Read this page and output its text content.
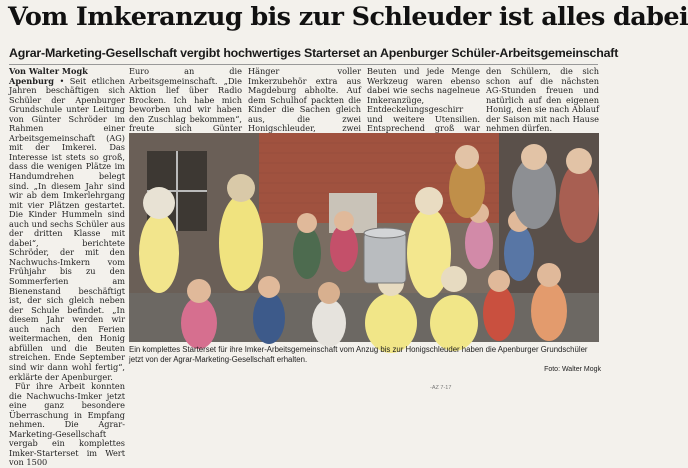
Vom Imkeranzug bis zur Schleuder ist alles dabei
Agrar-Marketing-Gesellschaft vergibt hochwertiges Starterset an Apenburger Schüler-Arbeitsgemeinschaft
Von Walter Mogk

Apenburg • Seit etlichen Jahren beschäftigen sich Schüler der Apenburger Grundschule unter Leitung von Günter Schröder im Rahmen einer Arbeitsgemeinschaft (AG) mit der Imkerei. Das Interesse ist stets so groß, dass die wenigen Plätze im Handumdrehen belegt sind. „In diesem Jahr sind wir ab dem Imkerlehrgang mit vier Plätzen gestartet. Die Kinder Hummeln sind auch und sechs Schüler aus der dritten Klasse mit dabei“, berichtete Schröder, der mit den Nachwuchs-Imkern vom Frühjahr bis zu den Sommerferien am Bienenstand beschäftigt ist, der sich gleich neben der Schule befindet. „In diesem Jahr werden wir auch nach den Ferien weitermachen, den Honig abfüllen und die Beuten streichen. Ende September sind wir dann wohl fertig“, erklärte der Apenburger.

Für ihre Arbeit konnten die Nachwuchs-Imker jetzt eine ganz besondere Überraschung in Empfang nehmen. Die Agrar-Marketing-Gesellschaft vergab ein komplettes Imker-Starterset im Wert von 1500

Euro an die Arbeitsgemeinschaft. „Die Aktion lief über Radio Brocken. Ich habe mich beworben und wir haben den Zuschlag bekommen“, freute sich Günter

Hänger voller Imkerzubehör extra aus Magdeburg abholte. Auf dem Schulhof packten die Kinder die Sachen gleich aus, die zwei Honigschleuder, zwei

Beuten und jede Menge Werkzeug waren ebenso dabei wie sechs nagelneue Imkeranzüge, Entdeckelungsgeschirr und weitere Utensilien. Entsprechend groß war

den Schülern, die sich schon auf die nächsten AG-Stunden freuen und natürlich auf den eigenen Honig, den sie nach Ablauf der Saison mit nach Hause nehmen dürfen.

Ein komplettes Starterset für ihre Imker-Arbeitsgemeinschaft vom Anzug bis zur Honigschleuder haben die Apenburger Grundschüler jetzt von der Agrar-Marketing-Gesellschaft erhalten.
Foto: Walter Mogk
-AZ 7-17
